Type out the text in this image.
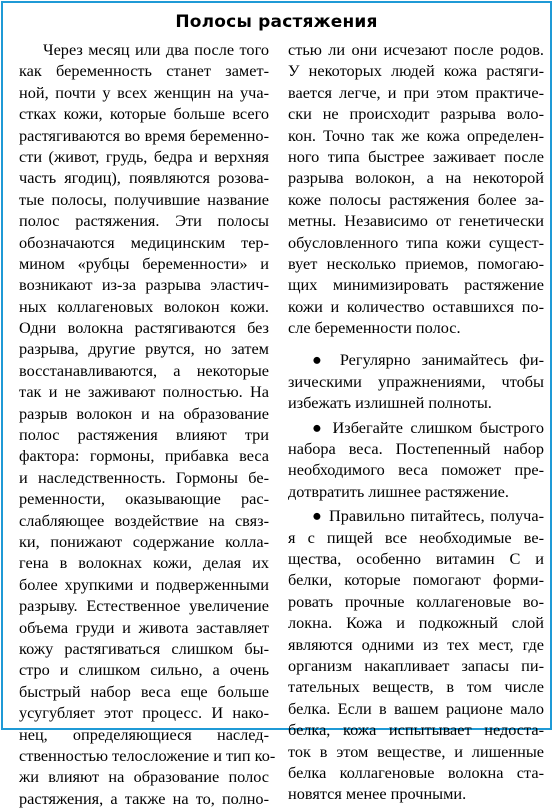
Полосы растяжения
Через месяц или два после того
как беременность станет замет-
ной, почти у всех женщин на уча-
стках кожи, которые больше всего
растягиваются во время беременно-
сти (живот, грудь, бедра и верхняя
часть ягодиц), появляются розова-
тые полосы, получившие название
полос растяжения. Эти полосы
обозначаются медицинским тер-
мином «рубцы беременности» и
возникают из-за разрыва эластич-
ных коллагеновых волокон кожи.
Одни волокна растягиваются без
разрыва, другие рвутся, но затем
восстанавливаются, а некоторые
так и не заживают полностью. На
разрыв волокон и на образование
полос растяжения влияют три
фактора: гормоны, прибавка веса
и наследственность. Гормоны бе-
ременности, оказывающие рас-
слабляющее воздействие на связ-
ки, понижают содержание колла-
гена в волокнах кожи, делая их
более хрупкими и подверженными
разрыву. Естественное увеличение
объема груди и живота заставляет
кожу растягиваться слишком бы-
стро и слишком сильно, а очень
быстрый набор веса еще больше
усугубляет этот процесс. И нако-
нец, определяющиеся наслед-
ственностью телосложение и тип ко-
жи влияют на образование полос
растяжения, а также на то, полно-
стью ли они исчезают после родов.
У некоторых людей кожа растяги-
вается легче, и при этом практиче-
ски не происходит разрыва воло-
кон. Точно так же кожа определен-
ного типа быстрее заживает после
разрыва волокон, а на некоторой
коже полосы растяжения более за-
метны. Независимо от генетически
обусловленного типа кожи сущест-
вует несколько приемов, помогаю-
щих минимизировать растяжение
кожи и количество оставшихся по-
сле беременности полос.
● Регулярно занимайтесь фи-
зическими упражнениями, чтобы
избежать излишней полноты.
● Избегайте слишком быстрого
набора веса. Постепенный набор
необходимого веса поможет пре-
дотвратить лишнее растяжение.
● Правильно питайтесь, получа-
я с пищей все необходимые ве-
щества, особенно витамин С и
белки, которые помогают форми-
ровать прочные коллагеновые во-
локна. Кожа и подкожный слой
являются одними из тех мест, где
организм накапливает запасы пи-
тательных веществ, в том числе
белка. Если в вашем рационе мало
белка, кожа испытывает недоста-
ток в этом веществе, и лишенные
белка коллагеновые волокна ста-
новятся менее прочными.
